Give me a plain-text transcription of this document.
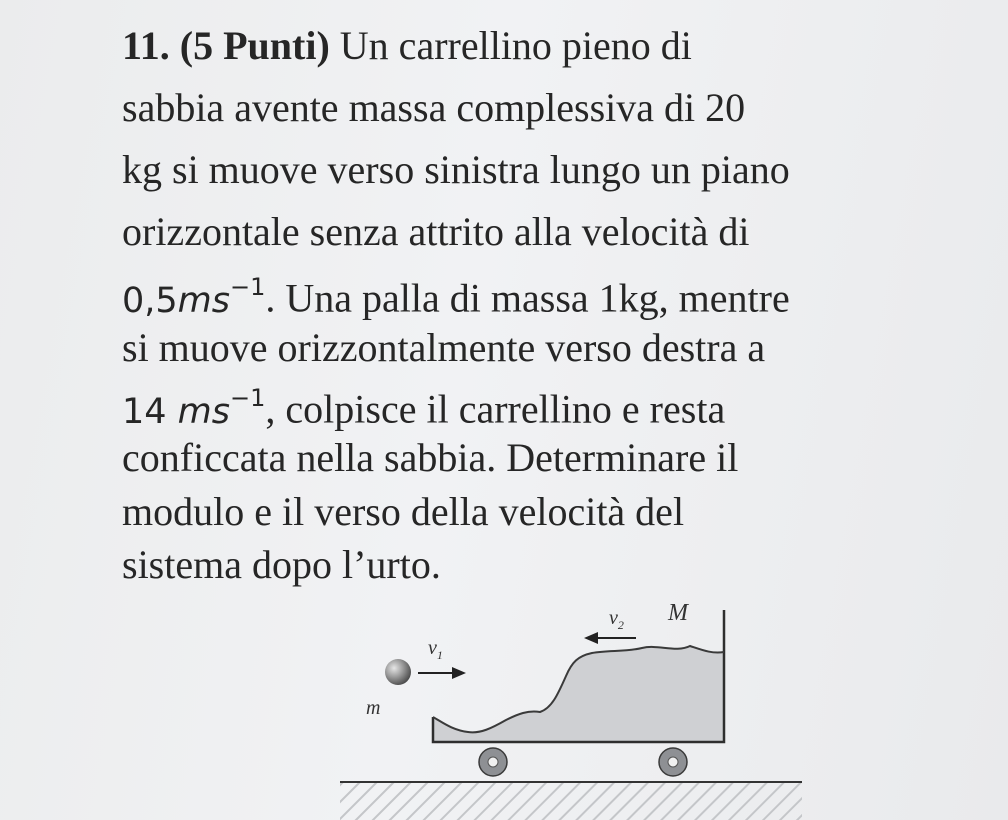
11. (5 Punti) Un carrellino pieno di
sabbia avente massa complessiva di 20
kg si muove verso sinistra lungo un piano
orizzontale senza attrito alla velocità di
$0,5ms^{-1}$. Una palla di massa 1kg, mentre
si muove orizzontalmente verso destra a
14 $ms^{-1}$, colpisce il carrellino e resta
conficcata nella sabbia. Determinare il
modulo e il verso della velocità del
sistema dopo l’urto.
m
$v_1$
$v_2$ M
